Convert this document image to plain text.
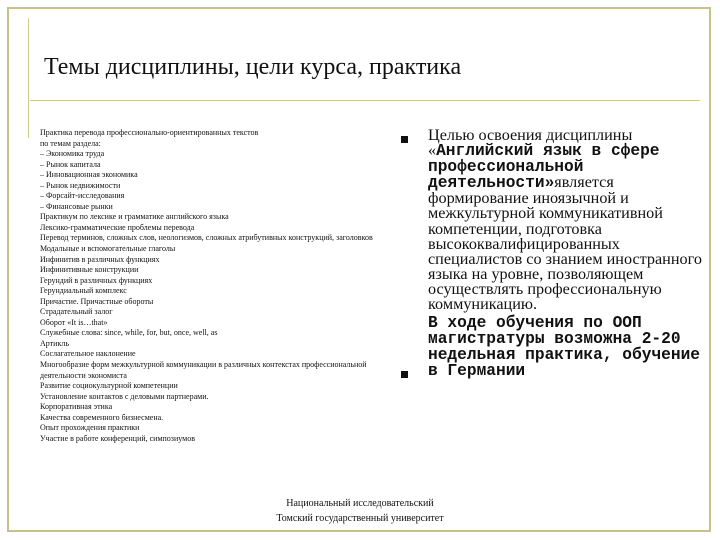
Темы дисциплины, цели курса, практика
Практика перевода профессионально-ориентированных текстов
по темам раздела:
– Экономика труда
– Рынок капитала
– Инновационная экономика
– Рынок недвижимости
– Форсайт-исследования
– Финансовые рынки
Практикум по лексике и грамматике английского языка
Лексико-грамматические проблемы перевода
Перевод терминов, сложных слов, неологизмов, сложных атрибутивных конструкций, заголовков
Модальные и вспомогательные глаголы
Инфинитив в различных функциях
Инфинитивные конструкции
Герундий в различных функциях
Герундиальный комплекс
Причастие. Причастные обороты
Страдательный залог
Оборот «It is…that»
Служебные слова: since, while, for, but, once, well, as
Артикль
Сослагательное наклонение
Многообразие форм межкультурной коммуникации в различных контекстах профессиональной деятельности экономиста
Развитие социокультурной компетенции
Установление контактов с деловыми партнерами.
Корпоративная этика
Качества современного бизнесмена.
Опыт прохождения практики
Участие в работе конференций, симпозиумов

Целью освоения дисциплины «Английский язык в сфере профессиональной деятельности»является формирование иноязычной и межкультурной коммуникативной компетенции, подготовка высококвалифицированных специалистов со знанием иностранного языка на уровне, позволяющем осуществлять профессиональную коммуникацию.

В ходе обучения по ООП магистратуры возможна 2-20 недельная практика, обучение в Германии

Национальный исследовательский
Томский государственный университет
